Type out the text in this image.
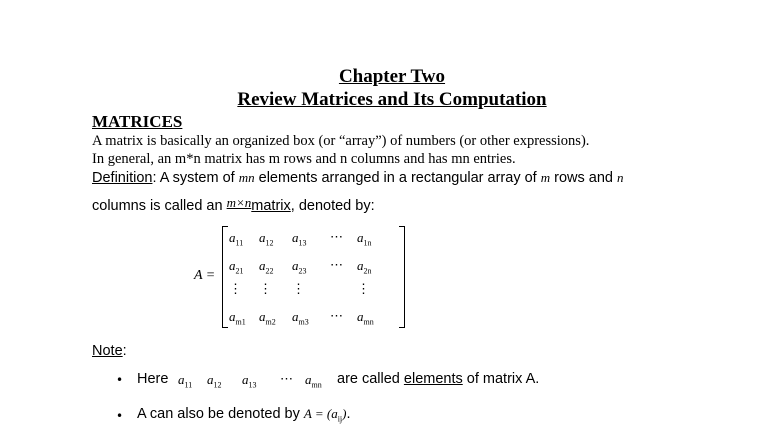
Chapter Two
Review Matrices and Its Computation
MATRICES
A matrix is basically an organized box (or “array”) of numbers (or other expressions).
In general, an m*n matrix has m rows and n columns and has mn entries.
Definition: A system of mn elements arranged in a rectangular array of m rows and n
columns is called an m×nmatrix, denoted by:
A =
$a_{11}$ $a_{12}$ $a_{13}$ ⋯ $a_{1n}$
$a_{21}$ $a_{22}$ $a_{23}$ ⋯ $a_{2n}$
⋮ ⋮ ⋮	⋮
$a_{m1}$ $a_{m2}$ $a_{m3}$ ⋯ $a_{mn}$
Note:
• Here $a_{11}$ $a_{12}$ $a_{13}$ ⋯ $a_{mn}$ are called elements of matrix A.
• A can also be denoted by $A = (a_{ij})$.
